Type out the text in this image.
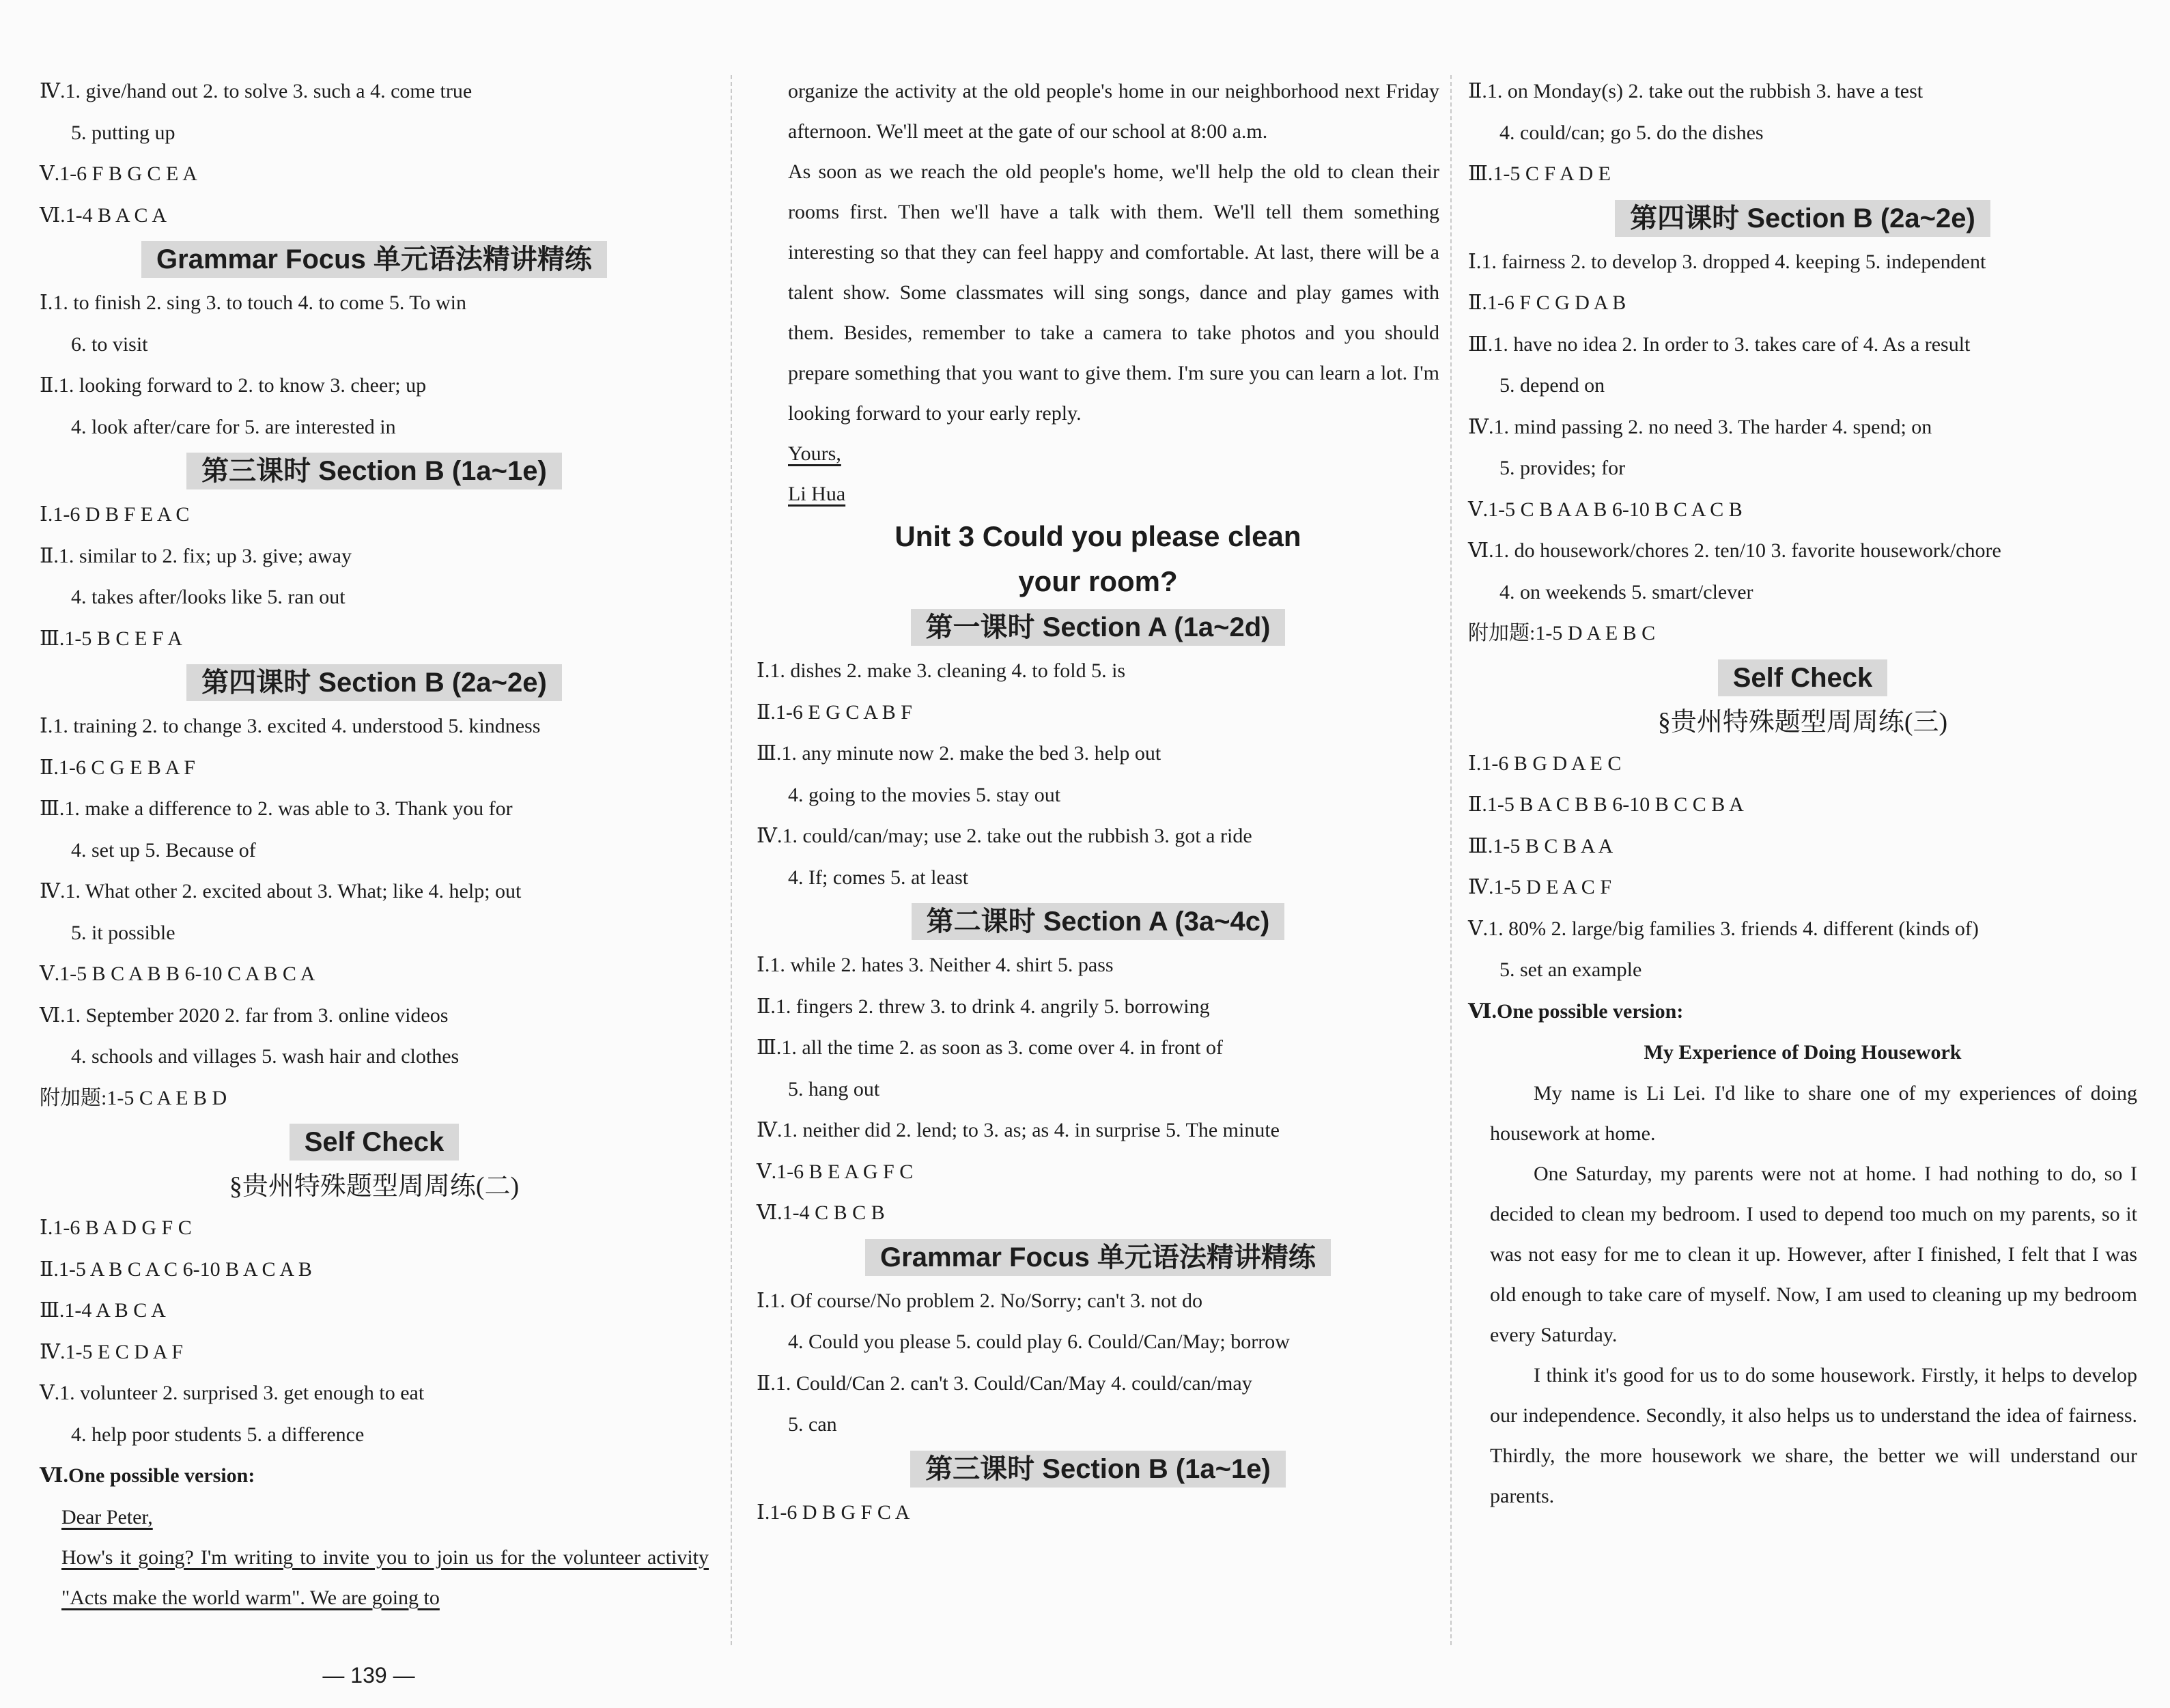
Ⅳ.1. give/hand out 2. to solve 3. such a 4. come true
5. putting up
Ⅴ.1-6 F B G C E A
Ⅵ.1-4 B A C A
Grammar Focus 单元语法精讲精练
Ⅰ.1. to finish 2. sing 3. to touch 4. to come 5. To win
6. to visit
Ⅱ.1. looking forward to 2. to know 3. cheer; up
4. look after/care for 5. are interested in
第三课时 Section B (1a~1e)
Ⅰ.1-6 D B F E A C
Ⅱ.1. similar to 2. fix; up 3. give; away
4. takes after/looks like 5. ran out
Ⅲ.1-5 B C E F A
第四课时 Section B (2a~2e)
Ⅰ.1. training 2. to change 3. excited 4. understood 5. kindness
Ⅱ.1-6 C G E B A F
Ⅲ.1. make a difference to 2. was able to 3. Thank you for
4. set up 5. Because of
Ⅳ.1. What other 2. excited about 3. What; like 4. help; out
5. it possible
Ⅴ.1-5 B C A B B 6-10 C A B C A
Ⅵ.1. September 2020 2. far from 3. online videos
4. schools and villages 5. wash hair and clothes
附加题:1-5 C A E B D
Self Check
§贵州特殊题型周周练(二)
Ⅰ.1-6 B A D G F C
Ⅱ.1-5 A B C A C 6-10 B A C A B
Ⅲ.1-4 A B C A
Ⅳ.1-5 E C D A F
Ⅴ.1. volunteer 2. surprised 3. get enough to eat
4. help poor students 5. a difference
Ⅵ.One possible version:
Dear Peter,
How's it going? I'm writing to invite you to join us for the volunteer activity "Acts make the world warm". We are going to
organize the activity at the old people's home in our neighborhood next Friday afternoon. We'll meet at the gate of our school at 8:00 a.m.
As soon as we reach the old people's home, we'll help the old to clean their rooms first. Then we'll have a talk with them. We'll tell them something interesting so that they can feel happy and comfortable. At last, there will be a talent show. Some classmates will sing songs, dance and play games with them. Besides, remember to take a camera to take photos and you should prepare something that you want to give them. I'm sure you can learn a lot. I'm looking forward to your early reply.
Yours,
Li Hua
Unit 3 Could you please clean
your room?
第一课时 Section A (1a~2d)
Ⅰ.1. dishes 2. make 3. cleaning 4. to fold 5. is
Ⅱ.1-6 E G C A B F
Ⅲ.1. any minute now 2. make the bed 3. help out
4. going to the movies 5. stay out
Ⅳ.1. could/can/may; use 2. take out the rubbish 3. got a ride
4. If; comes 5. at least
第二课时 Section A (3a~4c)
Ⅰ.1. while 2. hates 3. Neither 4. shirt 5. pass
Ⅱ.1. fingers 2. threw 3. to drink 4. angrily 5. borrowing
Ⅲ.1. all the time 2. as soon as 3. come over 4. in front of
5. hang out
Ⅳ.1. neither did 2. lend; to 3. as; as 4. in surprise 5. The minute
Ⅴ.1-6 B E A G F C
Ⅵ.1-4 C B C B
Grammar Focus 单元语法精讲精练
Ⅰ.1. Of course/No problem 2. No/Sorry; can't 3. not do
4. Could you please 5. could play 6. Could/Can/May; borrow
Ⅱ.1. Could/Can 2. can't 3. Could/Can/May 4. could/can/may
5. can
第三课时 Section B (1a~1e)
Ⅰ.1-6 D B G F C A
Ⅱ.1. on Monday(s) 2. take out the rubbish 3. have a test
4. could/can; go 5. do the dishes
Ⅲ.1-5 C F A D E
第四课时 Section B (2a~2e)
Ⅰ.1. fairness 2. to develop 3. dropped 4. keeping 5. independent
Ⅱ.1-6 F C G D A B
Ⅲ.1. have no idea 2. In order to 3. takes care of 4. As a result
5. depend on
Ⅳ.1. mind passing 2. no need 3. The harder 4. spend; on
5. provides; for
Ⅴ.1-5 C B A A B 6-10 B C A C B
Ⅵ.1. do housework/chores 2. ten/10 3. favorite housework/chore
4. on weekends 5. smart/clever
附加题:1-5 D A E B C
Self Check
§贵州特殊题型周周练(三)
Ⅰ.1-6 B G D A E C
Ⅱ.1-5 B A C B B 6-10 B C C B A
Ⅲ.1-5 B C B A A
Ⅳ.1-5 D E A C F
Ⅴ.1. 80% 2. large/big families 3. friends 4. different (kinds of)
5. set an example
Ⅵ.One possible version:
My Experience of Doing Housework
My name is Li Lei. I'd like to share one of my experiences of doing housework at home.
One Saturday, my parents were not at home. I had nothing to do, so I decided to clean my bedroom. I used to depend too much on my parents, so it was not easy for me to clean it up. However, after I finished, I felt that I was old enough to take care of myself. Now, I am used to cleaning up my bedroom every Saturday.
I think it's good for us to do some housework. Firstly, it helps to develop our independence. Secondly, it also helps us to understand the idea of fairness. Thirdly, the more housework we share, the better we will understand our parents.
— 139 —
